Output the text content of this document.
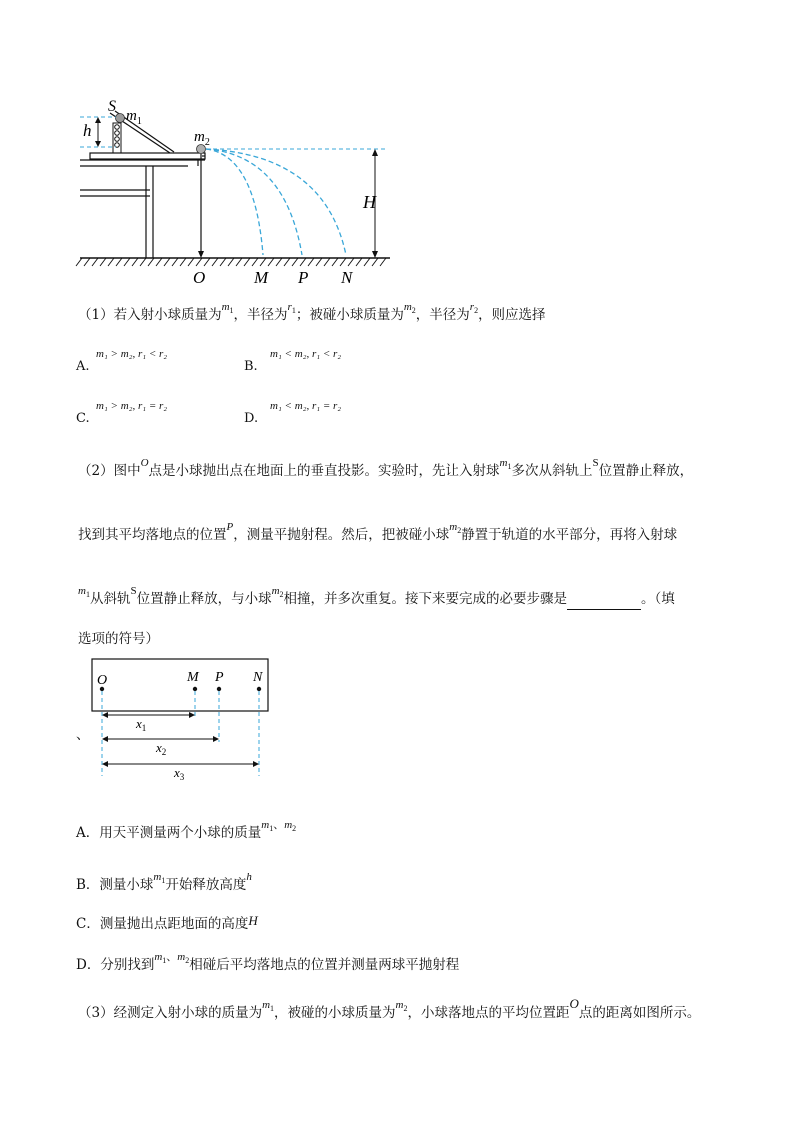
S
$m_1$
h	$m_2$
H
O	M P N
（1）若入射小球质量为$^{m_1}$，半径为$^{r_1}$；被碰小球质量为$^{m_2}$，半径为$^{r_2}$，则应选择
A.
m₁ > m₂, r₁ < r₂
B.
m₁ < m₂, r₁ < r₂
C.
m₁ > m₂, r₁ = r₂
D.
m₁ < m₂, r₁ = r₂
（2）图中$^O$点是小球抛出点在地面上的垂直投影。实验时，先让入射球$^{m_1}$多次从斜轨上$^S$位置静止释放，
找到其平均落地点的位置$^P$，测量平抛射程。然后，把被碰小球$^{m_2}$静置于轨道的水平部分，再将入射球
$^{m_1}$从斜轨$^S$位置静止释放，与小球$^{m_2}$相撞，并多次重复。接下来要完成的必要步骤是	。（填
选项的符号）
O	M P N
$x_1$
$x_2$
$x_3$
、
A．用天平测量两个小球的质量$^{m_1、m_2}$
B．测量小球$^{m_1}$开始释放高度$^h$
C．测量抛出点距地面的高度H
D．分别找到$^{m_1、m_2}$相碰后平均落地点的位置并测量两球平抛射程
（3）经测定入射小球的质量为$^{m_1}$，被碰的小球质量为$^{m_2}$，小球落地点的平均位置距O点的距离如图所示。
